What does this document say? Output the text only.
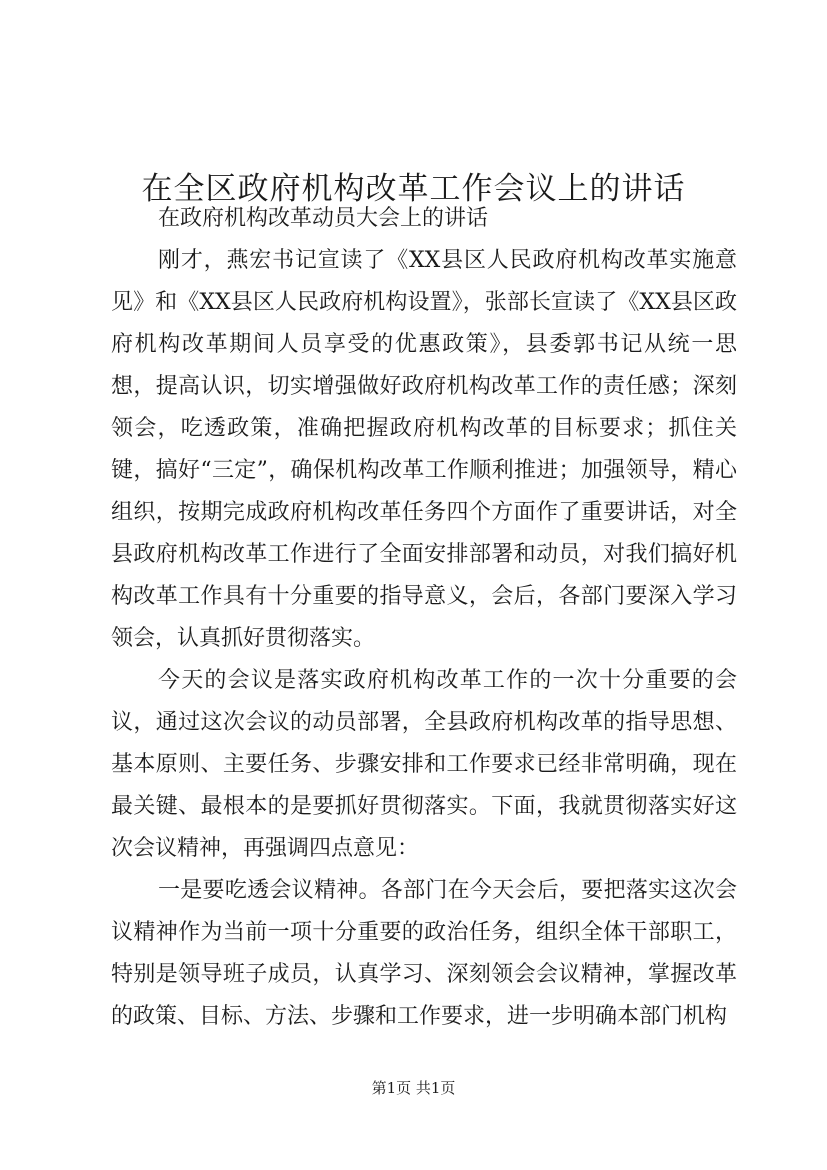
在全区政府机构改革工作会议上的讲话

在政府机构改革动员大会上的讲话

刚才，燕宏书记宣读了《XX县区人民政府机构改革实施意见》和《XX县区人民政府机构设置》，张部长宣读了《XX县区政府机构改革期间人员享受的优惠政策》，县委郭书记从统一思想，提高认识，切实增强做好政府机构改革工作的责任感；深刻领会，吃透政策，准确把握政府机构改革的目标要求；抓住关键，搞好“三定”，确保机构改革工作顺利推进；加强领导，精心组织，按期完成政府机构改革任务四个方面作了重要讲话，对全县政府机构改革工作进行了全面安排部署和动员，对我们搞好机构改革工作具有十分重要的指导意义，会后，各部门要深入学习领会，认真抓好贯彻落实。

今天的会议是落实政府机构改革工作的一次十分重要的会议，通过这次会议的动员部署，全县政府机构改革的指导思想、基本原则、主要任务、步骤安排和工作要求已经非常明确，现在最关键、最根本的是要抓好贯彻落实。下面，我就贯彻落实好这次会议精神，再强调四点意见：

一是要吃透会议精神。各部门在今天会后，要把落实这次会议精神作为当前一项十分重要的政治任务，组织全体干部职工，特别是领导班子成员，认真学习、深刻领会会议精神，掌握改革的政策、目标、方法、步骤和工作要求，进一步明确本部门机构

第1页 共1页
